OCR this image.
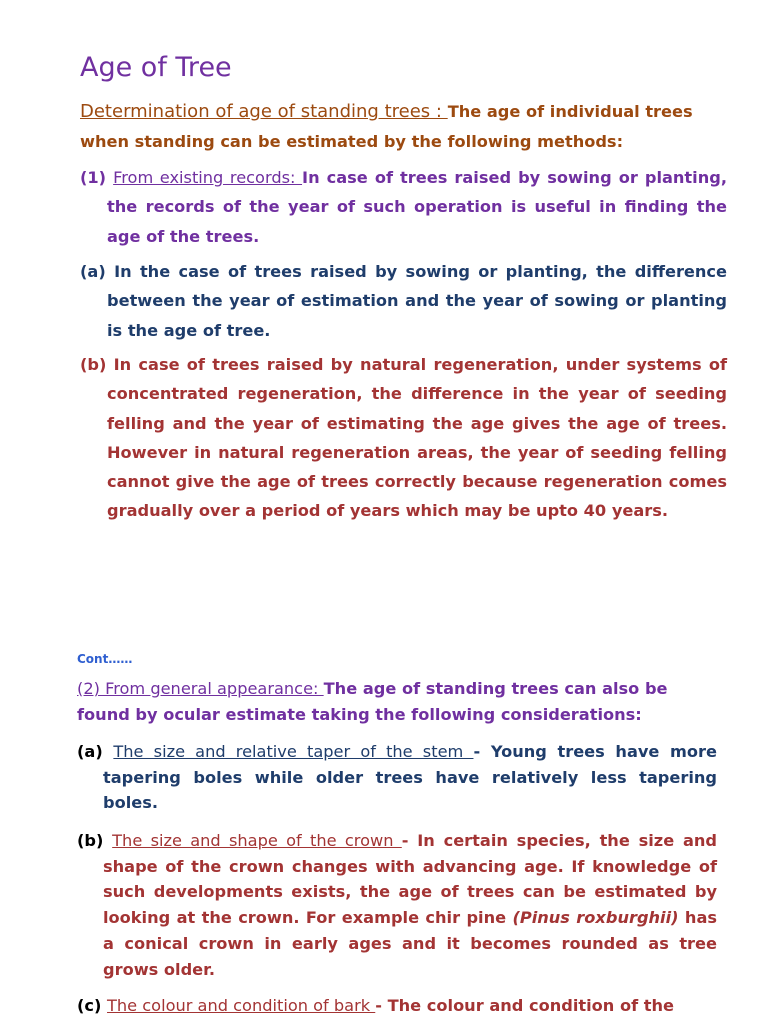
Age of Tree

Determination of age of standing trees : The age of individual trees when standing can be estimated by the following methods:

(1) From existing records: In case of trees raised by sowing or planting, the records of the year of such operation is useful in finding the age of the trees.

(a) In the case of trees raised by sowing or planting, the difference between the year of estimation and the year of sowing or planting is the age of tree.

(b) In case of trees raised by natural regeneration, under systems of concentrated regeneration, the difference in the year of seeding felling and the year of estimating the age gives the age of trees. However in natural regeneration areas, the year of seeding felling cannot give the age of trees correctly because regeneration comes gradually over a period of years which may be upto 40 years.

Cont……

(2) From general appearance: The age of standing trees can also be found by ocular estimate taking the following considerations:

(a) The size and relative taper of the stem - Young trees have more tapering boles while older trees have relatively less tapering boles.

(b) The size and shape of the crown - In certain species, the size and shape of the crown changes with advancing age. If knowledge of such developments exists, the age of trees can be estimated by looking at the crown. For example chir pine (Pinus roxburghii) has a conical crown in early ages and it becomes rounded as tree grows older.

(c) The colour and condition of bark - The colour and condition of the
